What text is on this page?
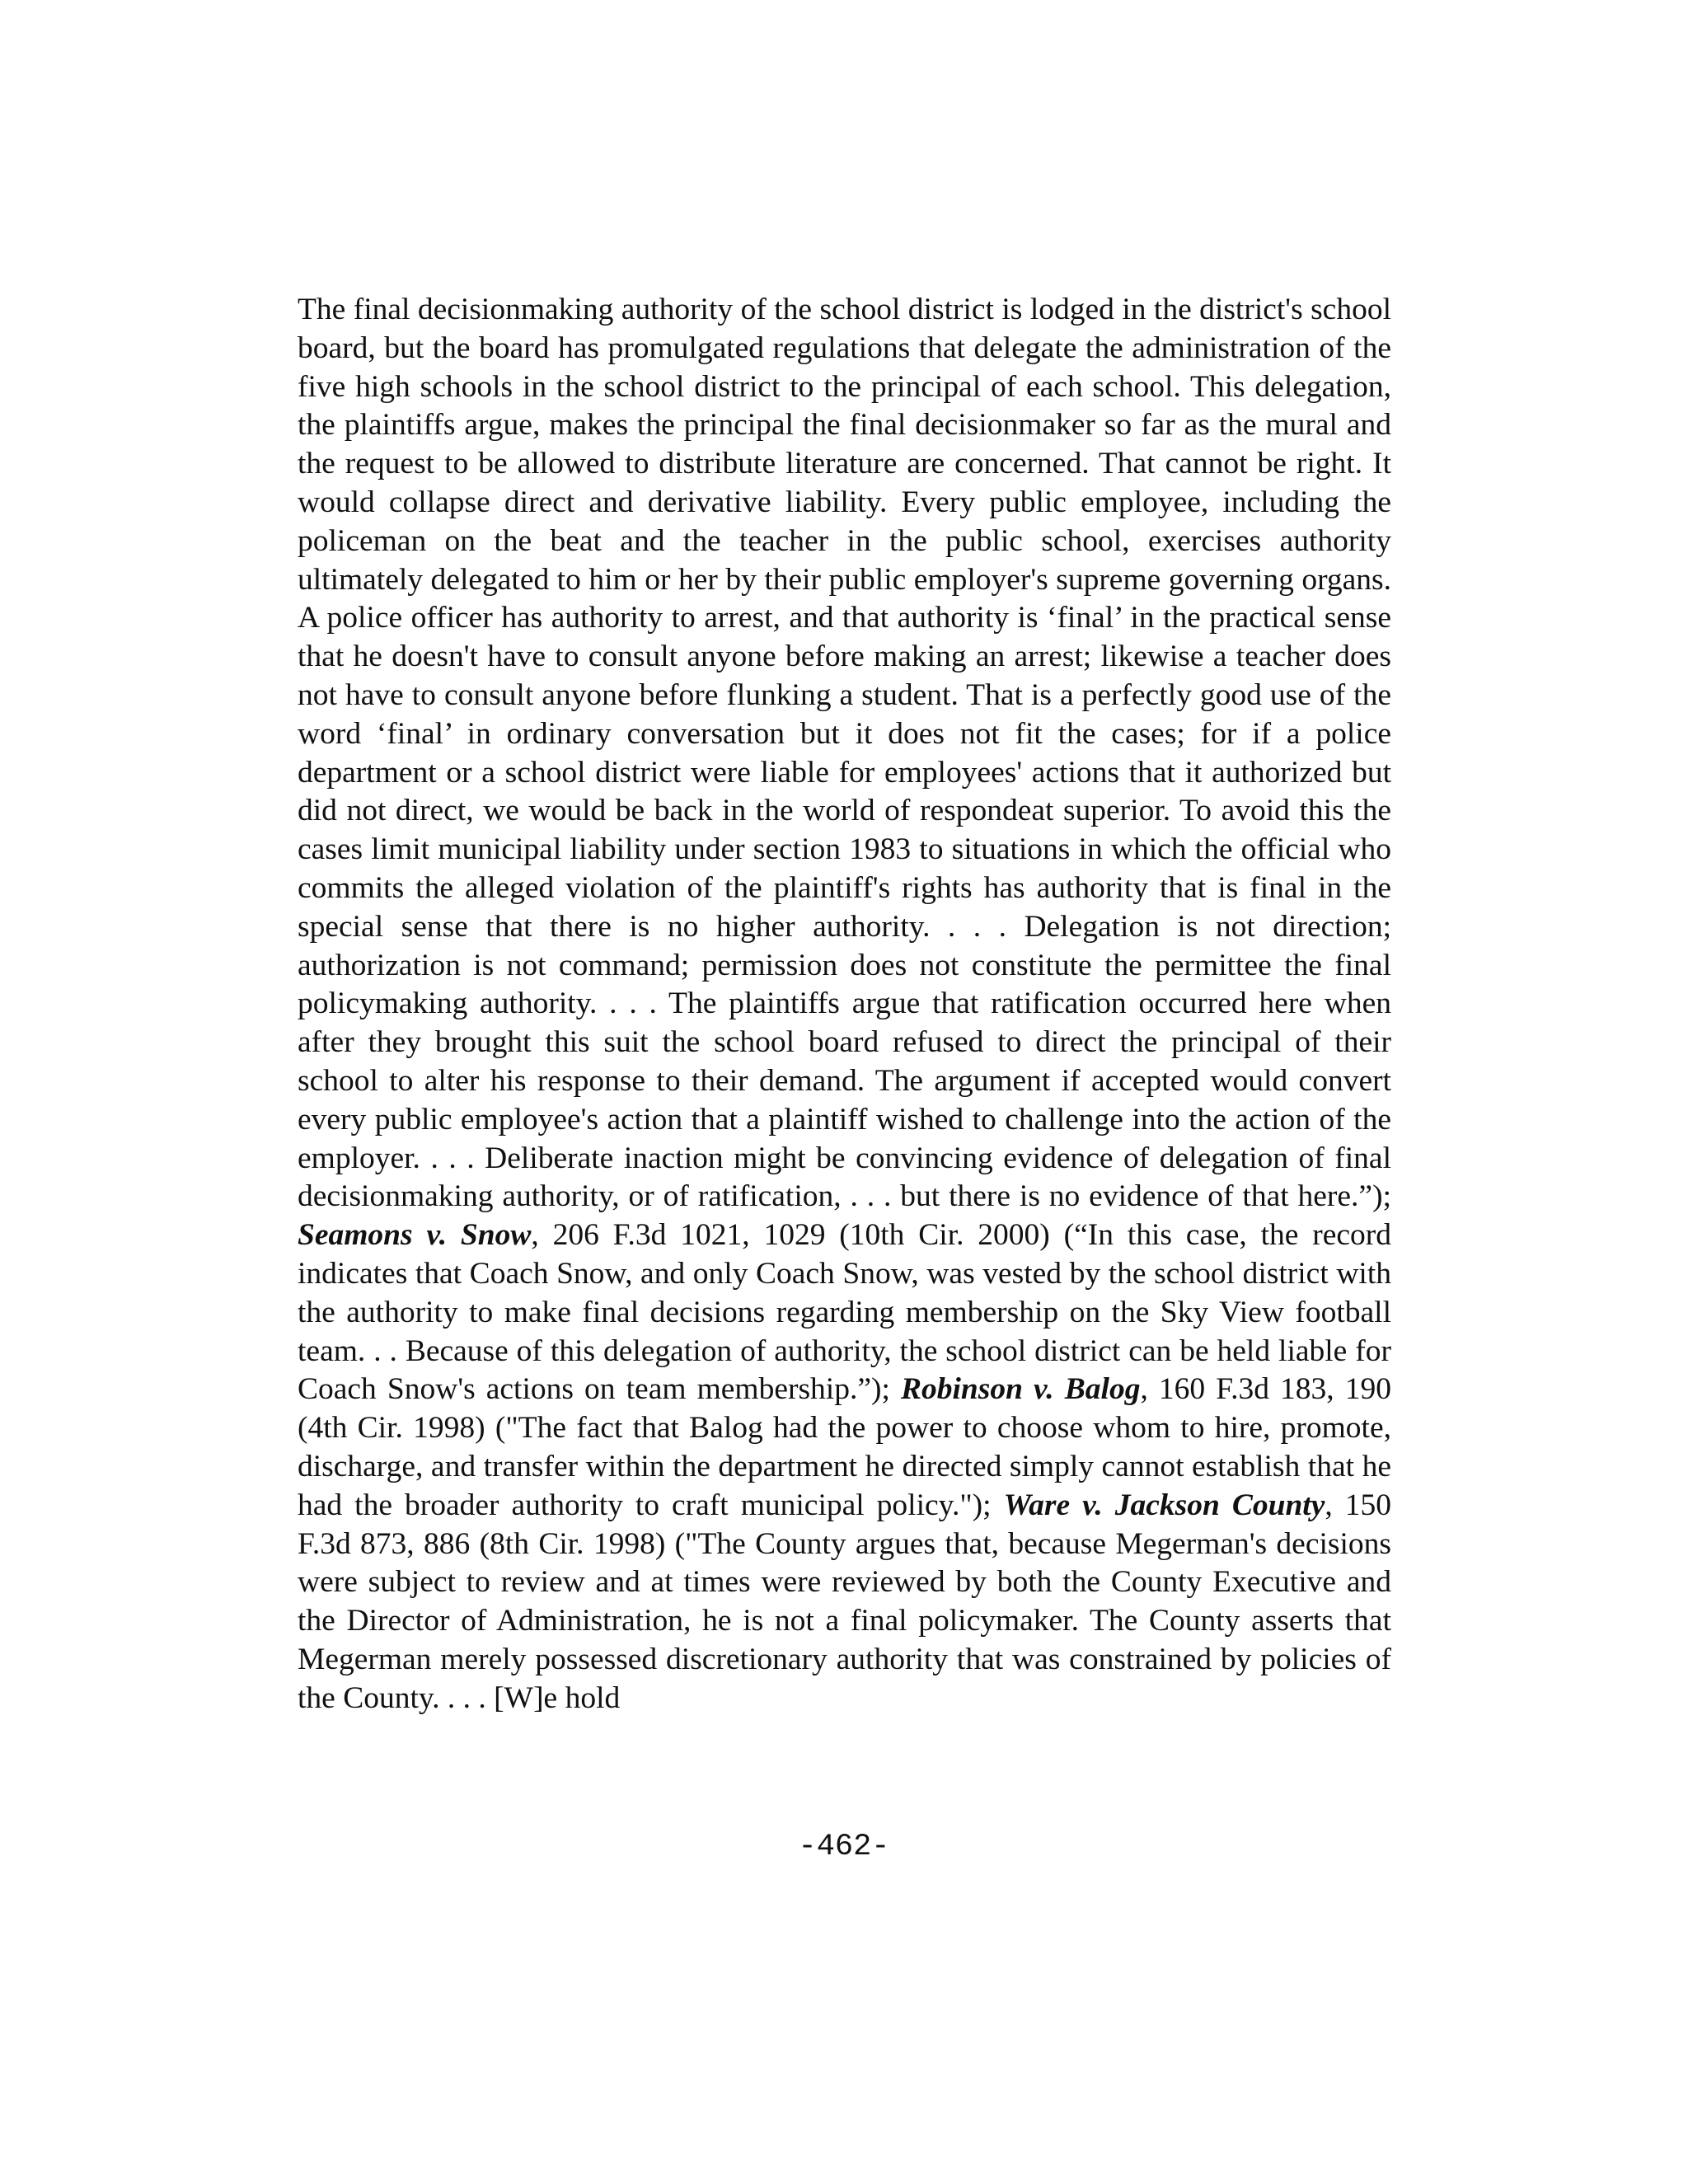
The final decisionmaking authority of the school district is lodged in the district's school board, but the board has promulgated regulations that delegate the administration of the five high schools in the school district to the principal of each school. This delegation, the plaintiffs argue, makes the principal the final decisionmaker so far as the mural and the request to be allowed to distribute literature are concerned. That cannot be right. It would collapse direct and derivative liability. Every public employee, including the policeman on the beat and the teacher in the public school, exercises authority ultimately delegated to him or her by their public employer's supreme governing organs. A police officer has authority to arrest, and that authority is ‘final’ in the practical sense that he doesn't have to consult anyone before making an arrest; likewise a teacher does not have to consult anyone before flunking a student. That is a perfectly good use of the word ‘final’ in ordinary conversation but it does not fit the cases; for if a police department or a school district were liable for employees' actions that it authorized but did not direct, we would be back in the world of respondeat superior. To avoid this the cases limit municipal liability under section 1983 to situations in which the official who commits the alleged violation of the plaintiff's rights has authority that is final in the special sense that there is no higher authority. . . . Delegation is not direction; authorization is not command; permission does not constitute the permittee the final policymaking authority. . . . The plaintiffs argue that ratification occurred here when after they brought this suit the school board refused to direct the principal of their school to alter his response to their demand. The argument if accepted would convert every public employee's action that a plaintiff wished to challenge into the action of the employer. . . . Deliberate inaction might be convincing evidence of delegation of final decisionmaking authority, or of ratification, . . . but there is no evidence of that here.”); Seamons v. Snow, 206 F.3d 1021, 1029 (10th Cir. 2000) (“In this case, the record indicates that Coach Snow, and only Coach Snow, was vested by the school district with the authority to make final decisions regarding membership on the Sky View football team. . . Because of this delegation of authority, the school district can be held liable for Coach Snow's actions on team membership.”); Robinson v. Balog, 160 F.3d 183, 190 (4th Cir. 1998) ("The fact that Balog had the power to choose whom to hire, promote, discharge, and transfer within the department he directed simply cannot establish that he had the broader authority to craft municipal policy."); Ware v. Jackson County, 150 F.3d 873, 886 (8th Cir. 1998) ("The County argues that, because Megerman's decisions were subject to review and at times were reviewed by both the County Executive and the Director of Administration, he is not a final policymaker. The County asserts that Megerman merely possessed discretionary authority that was constrained by policies of the County. . . . [W]e hold

-462-
